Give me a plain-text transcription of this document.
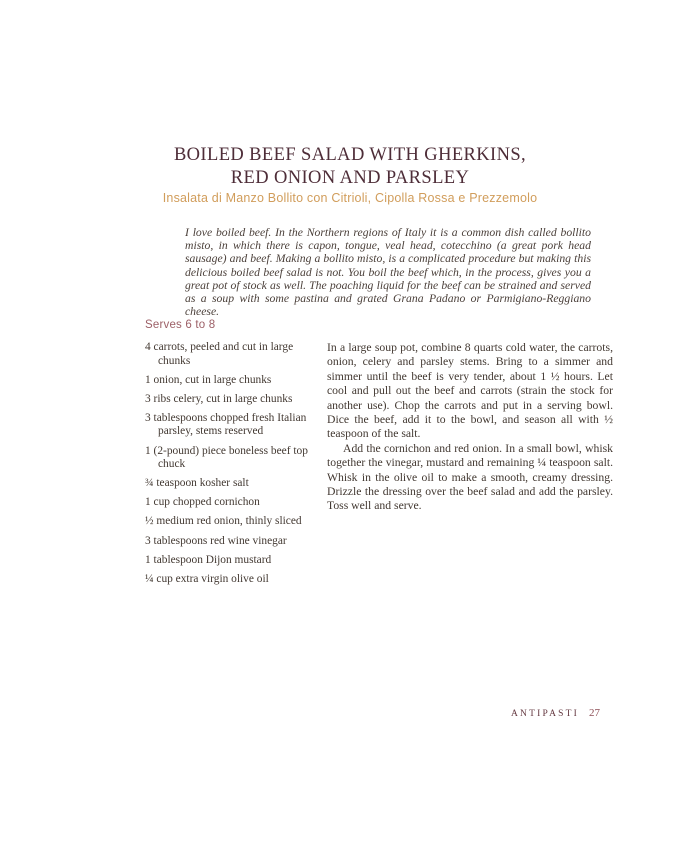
BOILED BEEF SALAD WITH GHERKINS,
RED ONION AND PARSLEY
Insalata di Manzo Bollito con Citrioli, Cipolla Rossa e Prezzemolo
I love boiled beef. In the Northern regions of Italy it is a common dish called bollito misto, in which there is capon, tongue, veal head, cotecchino (a great pork head sausage) and beef. Making a bollito misto, is a complicated procedure but making this delicious boiled beef salad is not. You boil the beef which, in the process, gives you a great pot of stock as well. The poaching liquid for the beef can be strained and served as a soup with some pastina and grated Grana Padano or Parmigiano-Reggiano cheese.
Serves 6 to 8

4 carrots, peeled and cut in large chunks

1 onion, cut in large chunks

3 ribs celery, cut in large chunks

3 tablespoons chopped fresh Italian parsley, stems reserved

1 (2-pound) piece boneless beef top chuck

¾ teaspoon kosher salt

1 cup chopped cornichon

½ medium red onion, thinly sliced

3 tablespoons red wine vinegar

1 tablespoon Dijon mustard

¼ cup extra virgin olive oil

In a large soup pot, combine 8 quarts cold water, the carrots, onion, celery and parsley stems. Bring to a simmer and simmer until the beef is very tender, about 1 ½ hours. Let cool and pull out the beef and carrots (strain the stock for another use). Chop the carrots and put in a serving bowl. Dice the beef, add it to the bowl, and season all with ½ teaspoon of the salt.

Add the cornichon and red onion. In a small bowl, whisk together the vinegar, mustard and remaining ¼ teaspoon salt. Whisk in the olive oil to make a smooth, creamy dressing. Drizzle the dressing over the beef salad and add the parsley. Toss well and serve.

ANTIPASTI 27
